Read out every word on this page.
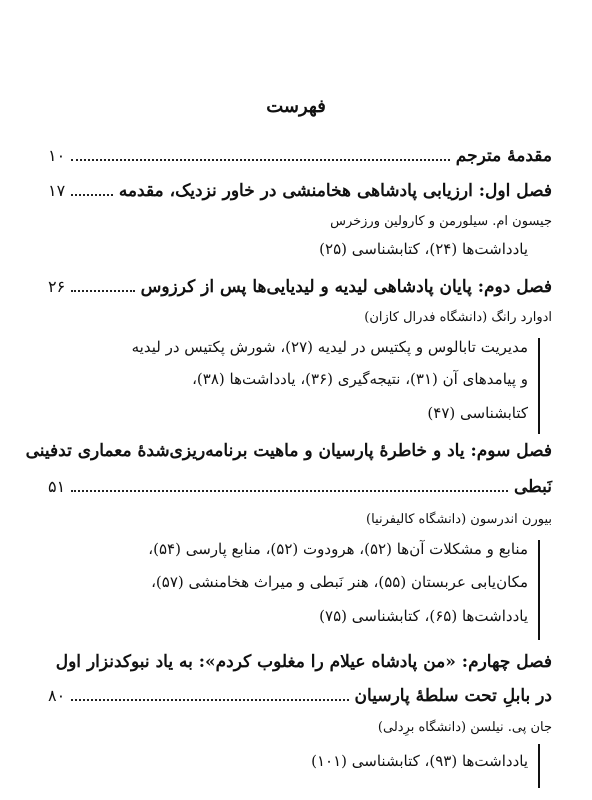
فهرست
مقدمهٔ مترجم
۱۰
فصل اول: ارزیابی پادشاهی هخامنشی در خاور نزدیک، مقدمه
۱۷
جیسون ام. سیلورمن و کارولین ورزخرس
یادداشت‌ها (۲۴)، کتابشناسی (۲۵)
فصل دوم: پایان پادشاهی لیدیه و لیدیایی‌ها پس از کرزوس
۲۶
ادوارد رانگ (دانشگاه فدرال کازان)
مدیریت تابالوس و پکتیس در لیدیه (۲۷)، شورش پکتیس در لیدیه
و پیامدهای آن (۳۱)، نتیجه‌گیری (۳۶)، یادداشت‌ها (۳۸)،
کتابشناسی (۴۷)
فصل سوم: یاد و خاطرهٔ پارسیان و ماهیت برنامه‌ریزی‌شدهٔ معماری تدفینی
نَبطی
۵۱
بیورن اندرسون (دانشگاه کالیفرنیا)
منابع و مشکلات آن‌ها (۵۲)، هرودوت (۵۲)، منابع پارسی (۵۴)،
مکان‌یابی عربستان (۵۵)، هنر نَبطی و میراث هخامنشی (۵۷)،
یادداشت‌ها (۶۵)، کتابشناسی (۷۵)
فصل چهارم: «من پادشاه عیلام را مغلوب کردم»: به یاد نبوکدنزار اول
در بابلِ تحت سلطهٔ پارسیان
۸۰
جان پی. نیلسن (دانشگاه برِدلی)
یادداشت‌ها (۹۳)، کتابشناسی (۱۰۱)
